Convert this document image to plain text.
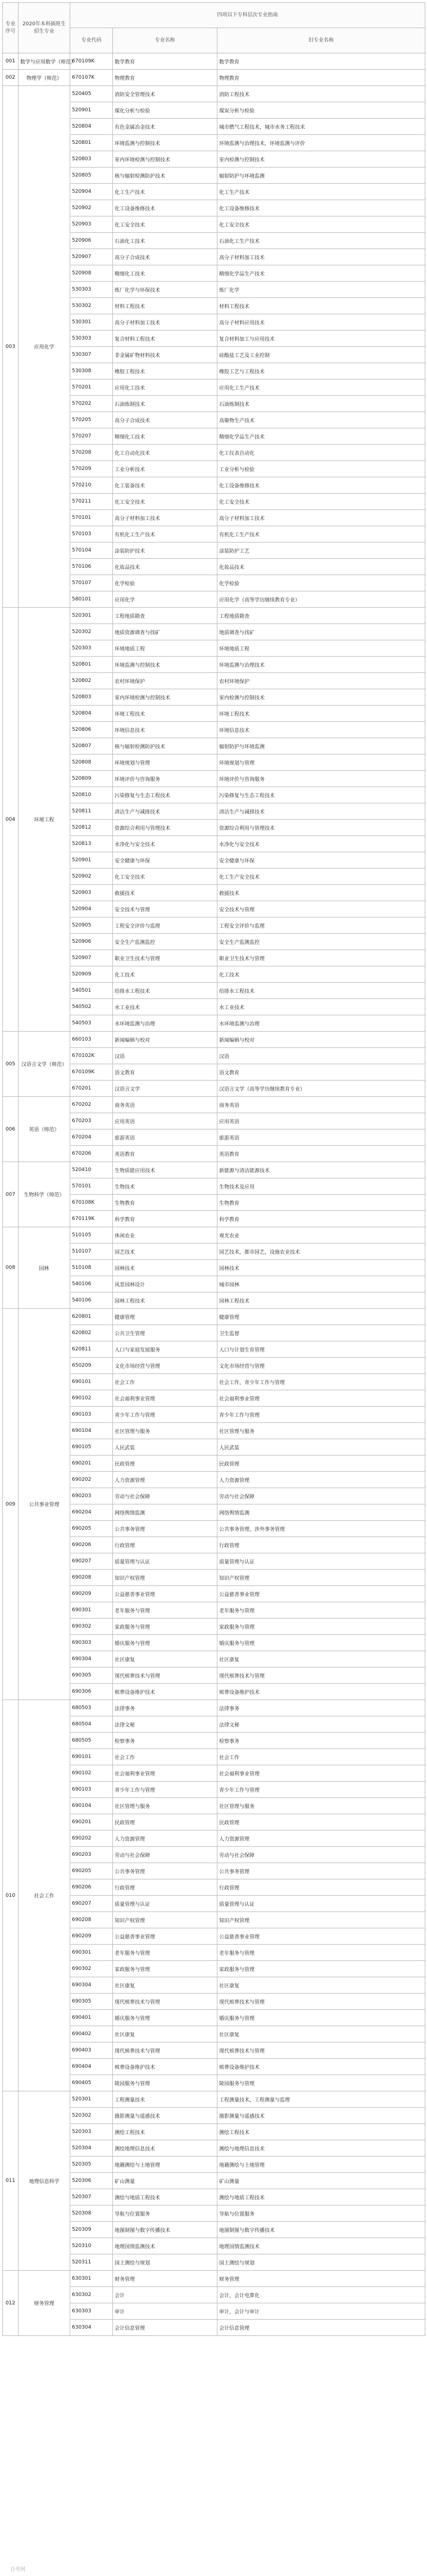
专业序号	2020年本科插班生招生专业	四项以下专科层次专业指南		
		专业代码	专业名称	旧专业名称
001	数学与应用数学（师范）	670109K	数学教育	数学教育
002	物理学（师范）	670107K	物理教育	物理教育
003	应用化学	520405	消防安全管理技术	消防工程技术
		520901	煤化分析与检验	煤炭分析与检验
		520804	有色金属冶金技术	城市燃气工程技术，城市水务工程技术
		520801	环境监测与控制技术	环境监测与治理技术，环境监测与评价
		520803	室内环境检测与控制技术	室内检测与控制技术
		520805	核与辐射检测防护技术	辐射防护与环境监测
		520904	化工生产技术	化工生产技术
		520902	化工设备维修技术	化工设备维修技术
		520903	化工安全技术	化工安全技术
		520906	石油化工技术	石油化工生产技术
		520907	高分子合成技术	高分子材料加工技术
		520908	精细化工技术	精细化学品生产技术
		530303	炼厂化学与环保技术	炼厂化学
		530302	材料工程技术	材料工程技术
		530301	高分子材料加工技术	高分子材料应用技术
		530303	复合材料工程技术	复合材料加工与应用技术
		530307	非金属矿物材料技术	硅酸盐工艺及工业控制
		530308	橡胶工程技术	橡胶工艺与工程技术
		570201	应用化工技术	应用化工生产技术
		570202	石油炼制技术	石油炼制技术
		570205	高分子合成技术	高聚物生产技术
		570207	精细化工技术	精细化学品生产技术
		570208	化工自动化技术	化工仪表自动化
		570209	工业分析技术	工业分析与检验
		570210	化工装备技术	化工设备维修技术
		570211	化工安全技术	化工安全技术
		570101	高分子材料加工技术	高分子材料加工技术
		570103	有机化工生产技术	有机化工生产技术
		570104	涂装防护技术	涂装防护工艺
		570106	化妆品技术	化妆品技术
		570107	化学检验	化学检验
		580101	应用化学	应用化学（高等学历继续教育专业）
004	环境工程	520301	工程地质勘查	工程地质勘查
		520302	地质资源调查与找矿	地质调查与找矿
		520303	环境地质工程	环境地质工程
		520801	环境监测与控制技术	环境监测与治理技术
		520802	农村环境保护	农村环境保护
		520803	室内环境检测与控制技术	室内检测与控制技术
		520804	环境工程技术	环境工程技术
		520806	环境信息技术	环境信息技术
		520807	核与辐射检测防护技术	辐射防护与环境监测
		520808	环境规划与管理	环境规划与管理
		520809	环境评价与咨询服务	环境评价与咨询服务
		520810	污染修复与生态工程技术	污染修复与生态工程技术
		520811	清洁生产与减排技术	清洁生产与减排技术
		520812	资源综合利用与管理技术	资源综合利用与管理技术
		520813	水净化与安全技术	水净化与安全技术
		520901	安全健康与环保	安全健康与环保
		520902	化工安全技术	化工生产安全技术
		520903	救援技术	救援技术
		520904	安全技术与管理	安全技术与管理
		520905	工程安全评价与监理	工程安全评价与监理
		520906	安全生产监测监控	安全生产监测监控
		520907	职业卫生技术与管理	职业卫生技术与管理
		520909	化工技术	化工技术
		540501	给排水工程技术	给排水工程技术
		540502	水工业技术	水工业技术
		540503	水环境监测与治理	水环境监测与治理
005	汉语言文学（师范）	660103	新闻编辑与校对	新闻编辑与校对
		670102K	汉语	汉语
		670109K	语文教育	语文教育
		670201	汉语言文学	汉语言文学（高等学历继续教育专业）
006	英语（师范）	670202	商务英语	商务英语
		670203	应用英语	应用英语
		670204	旅游英语	旅游英语
		670206	英语教育	英语教育
007	生物科学（师范）	520410	生物质能应用技术	新能源与清洁能源技术
		570101	生物技术	生物技术及应用
		670108K	生物教育	生物教育
		670119K	科学教育	科学教育
008	园林	510105	休闲农业	观光农业
		510107	园艺技术	园艺技术，都市园艺，设施农业技术
		510108	园林技术	园林技术
		540106	风景园林设计	城市园林
		540106	园林工程技术	园林工程技术
009	公共事业管理	620801	健康管理	健康管理
		620802	公共卫生管理	卫生监督
		620811	人口与家庭发展服务	人口与计划生育管理
		650209	文化市场经营与管理	文化市场经营与管理
		690101	社会工作	社会工作，青少年工作与管理
		690102	社会福利事业管理	社会福利事业管理
		690103	青少年工作与管理	青少年工作与管理
		690104	社区管理与服务	社区管理与服务
		690105	人民武装	人民武装
		690201	民政管理	民政管理
		690202	人力资源管理	人力资源管理
		690203	劳动与社会保障	劳动与社会保障
		690204	网络舆情监测	网络舆情监测
		690205	公共事务管理	公共事务管理，涉外事务管理
		690206	行政管理	行政管理
		690207	质量管理与认证	质量管理与认证
		690208	知识产权管理	知识产权管理
		690209	公益慈善事业管理	公益慈善事业管理
		690301	老年服务与管理	老年服务与管理
		690302	家政服务与管理	家政服务与管理
		690303	婚庆服务与管理	婚庆服务与管理
		690304	社区康复	社区康复
		690305	现代殡葬技术与管理	现代殡葬技术与管理
		690306	殡葬设备维护技术	殡葬设备维护技术
010	社会工作	680503	法律事务	法律事务
		680504	法律文秘	法律文秘
		680505	检察事务	检察事务
		690101	社会工作	社会工作
		690102	社会福利事业管理	社会福利事业管理
		690103	青少年工作与管理	青少年工作与管理
		690104	社区管理与服务	社区管理与服务
		690201	民政管理	民政管理
		690202	人力资源管理	人力资源管理
		690203	劳动与社会保障	劳动与社会保障
		690205	公共事务管理	公共事务管理
		690206	行政管理	行政管理
		690207	质量管理与认证	质量管理与认证
		690208	知识产权管理	知识产权管理
		690209	公益慈善事业管理	公益慈善事业管理
		690301	老年服务与管理	老年服务与管理
		690302	家政服务与管理	家政服务与管理
		690304	社区康复	社区康复
		690305	现代殡葬技术与管理	现代殡葬技术与管理
		690401	婚庆服务与管理	婚庆服务与管理
		690402	社区康复	社区康复
		690403	现代殡葬技术与管理	现代殡葬技术与管理
		690404	殡葬设备维护技术	殡葬设备维护技术
		690405	陵园服务与管理	陵园服务与管理
011	地理信息科学	520301	工程测量技术	工程测量技术，工程测量与监理
		520302	摄影测量与遥感技术	摄影测量与遥感技术
		520303	测绘工程技术	测绘工程技术
		520304	测绘地理信息技术	测绘与地理信息技术
		520305	地籍测绘与土地管理	地籍测绘与土地管理
		520306	矿山测量	矿山测量
		520307	测绘与地质工程技术	测绘与地质工程技术
		520308	导航与位置服务	导航与位置服务
		520309	地图制图与数字传播技术	地图制图与数字传播技术
		520310	地理国情监测技术	地理国情监测技术
		520311	国土测绘与规划	国土测绘与规划
012	财务管理	630301	财务管理	财务管理
		630302	会计	会计，会计电算化
		630303	审计	审计，会计与审计
		630304	会计信息管理	会计信息管理
自考网
